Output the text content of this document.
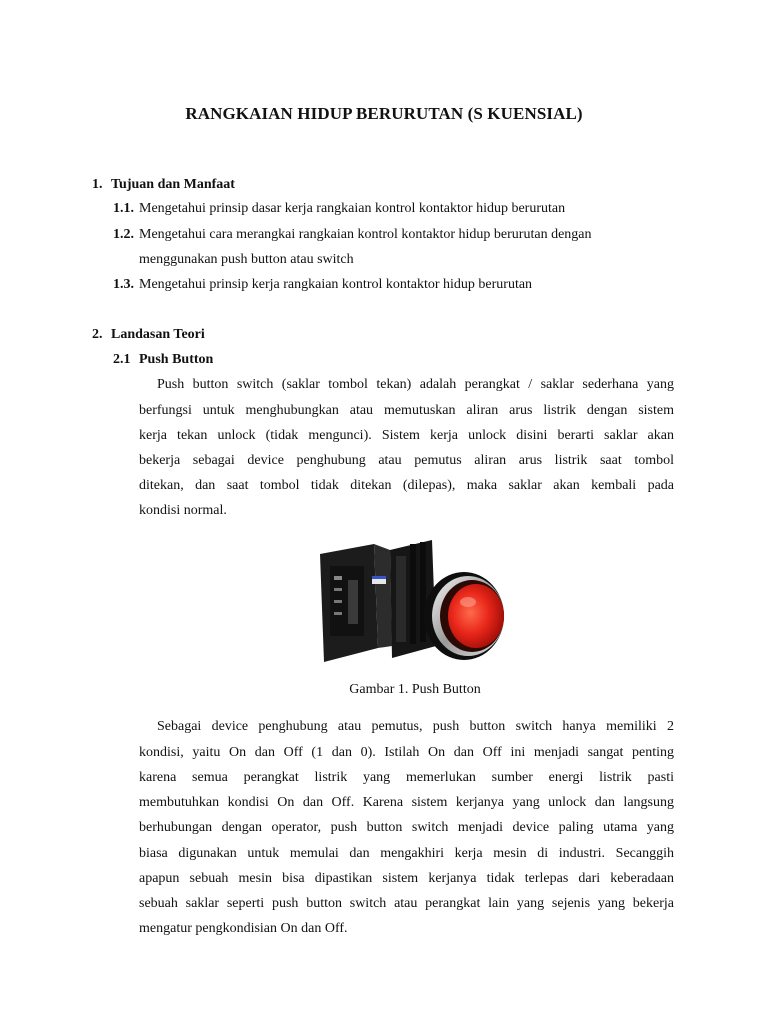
RANGKAIAN HIDUP BERURUTAN (S KUENSIAL)
1. Tujuan dan Manfaat
1.1. Mengetahui prinsip dasar kerja rangkaian kontrol kontaktor hidup berurutan
1.2. Mengetahui cara merangkai rangkaian kontrol kontaktor hidup berurutan dengan
menggunakan push button atau switch
1.3. Mengetahui prinsip kerja rangkaian kontrol kontaktor hidup berurutan
2. Landasan Teori
2.1 Push Button
Push button switch (saklar tombol tekan) adalah perangkat / saklar sederhana yang
berfungsi untuk menghubungkan atau memutuskan aliran arus listrik dengan sistem
kerja tekan unlock (tidak mengunci). Sistem kerja unlock disini berarti saklar akan
bekerja sebagai device penghubung atau pemutus aliran arus listrik saat tombol
ditekan, dan saat tombol tidak ditekan (dilepas), maka saklar akan kembali pada
kondisi normal.
Gambar 1. Push Button
Sebagai device penghubung atau pemutus, push button switch hanya memiliki 2
kondisi, yaitu On dan Off (1 dan 0). Istilah On dan Off ini menjadi sangat penting
karena semua perangkat listrik yang memerlukan sumber energi listrik pasti
membutuhkan kondisi On dan Off. Karena sistem kerjanya yang unlock dan langsung
berhubungan dengan operator, push button switch menjadi device paling utama yang
biasa digunakan untuk memulai dan mengakhiri kerja mesin di industri. Secanggih
apapun sebuah mesin bisa dipastikan sistem kerjanya tidak terlepas dari keberadaan
sebuah saklar seperti push button switch atau perangkat lain yang sejenis yang bekerja
mengatur pengkondisian On dan Off.
